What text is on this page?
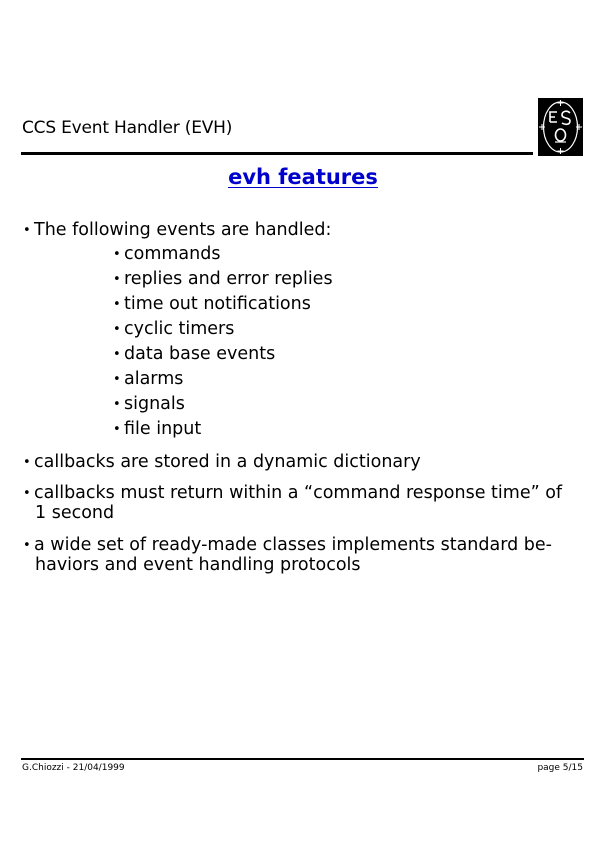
CCS Event Handler (EVH)
evh features
•The following events are handled:
•commands
•replies and error replies
•time out notifications
•cyclic timers
•data base events
•alarms
•signals
•file input
•callbacks are stored in a dynamic dictionary
•callbacks must return within a “command response time” of
1 second
•a wide set of ready-made classes implements standard be-
haviors and event handling protocols
G.Chiozzi - 21/04/1999	page 5/15
